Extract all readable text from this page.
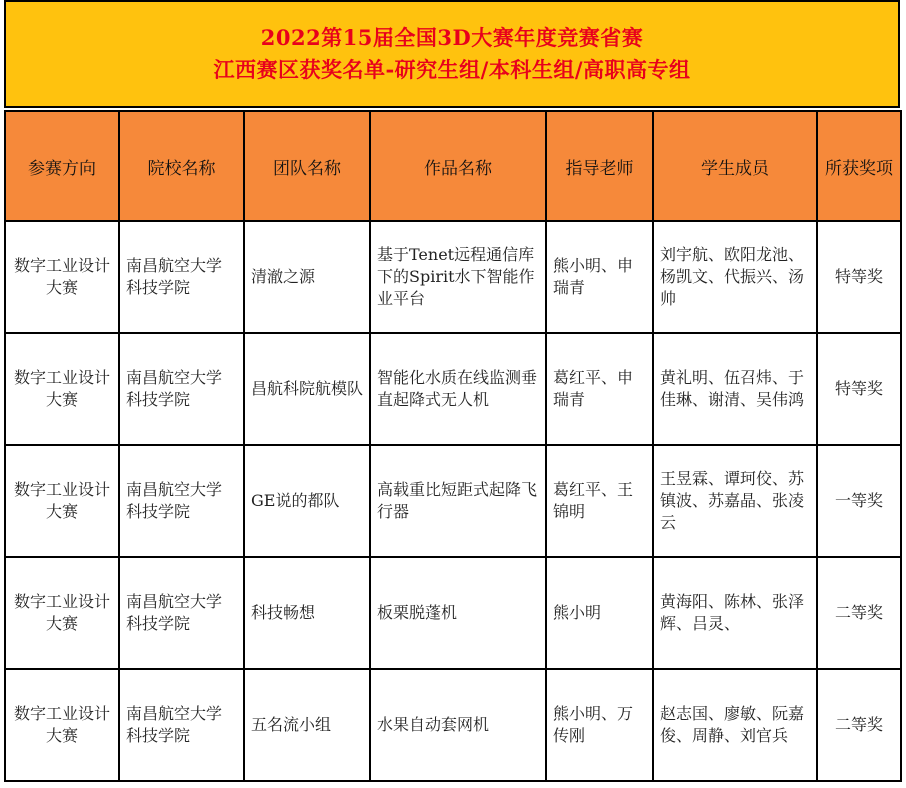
2022第15届全国3D大赛年度竞赛省赛
江西赛区获奖名单-研究生组/本科生组/高职高专组
参赛方向	院校名称	团队名称	作品名称	指导老师	学生成员	所获奖项
数字工业设计大赛	南昌航空大学科技学院	清澈之源	基于Tenet远程通信库下的Spirit水下智能作业平台	熊小明、申瑞青	刘宇航、欧阳龙池、杨凯文、代振兴、汤帅	特等奖
数字工业设计大赛	南昌航空大学科技学院	昌航科院航模队	智能化水质在线监测垂直起降式无人机	葛红平、申瑞青	黄礼明、伍召炜、于佳琳、谢清、吴伟鸿	特等奖
数字工业设计大赛	南昌航空大学科技学院	GE说的都队	高载重比短距式起降飞行器	葛红平、王锦明	王昱霖、谭珂佼、苏镇波、苏嘉晶、张凌云	一等奖
数字工业设计大赛	南昌航空大学科技学院	科技畅想	板栗脱蓬机	熊小明	黄海阳、陈林、张泽辉、吕灵、	二等奖
数字工业设计大赛	南昌航空大学科技学院	五名流小组	水果自动套网机	熊小明、万传刚	赵志国、廖敏、阮嘉俊、周静、刘官兵	二等奖
